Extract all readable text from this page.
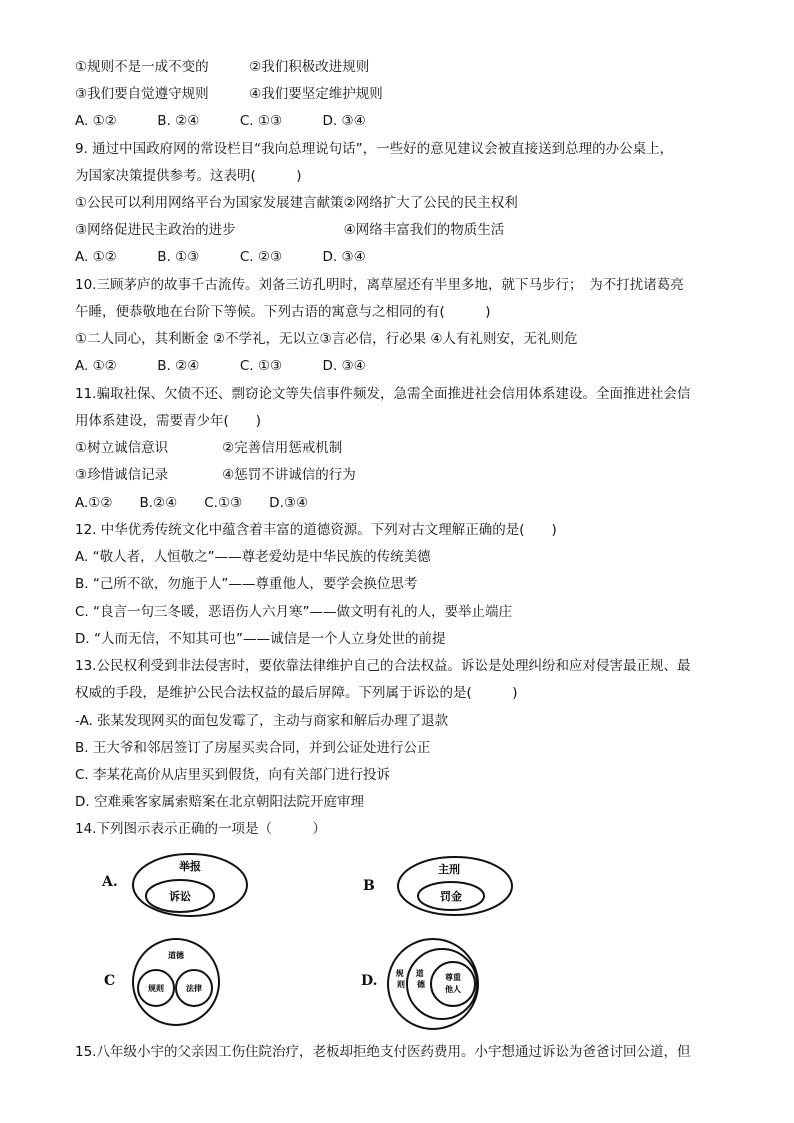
①规则不是一成不变的　　　②我们积极改进规则
③我们要自觉遵守规则　　　④我们要坚定维护规则
A. ①②　　　B. ②④　　　C. ①③　　　D. ③④
9. 通过中国政府网的常设栏目“我向总理说句话”，一些好的意见建议会被直接送到总理的办公桌上，
为国家决策提供参考。这表明(　　　)
①公民可以利用网络平台为国家发展建言献策②网络扩大了公民的民主权利
③网络促进民主政治的进步　　　　　　　　④网络丰富我们的物质生活
A. ①②　　　B. ①③　　　C. ②③　　　D. ③④
10.三顾茅庐的故事千古流传。刘备三访孔明时，离草屋还有半里多地，就下马步行；　为不打扰诸葛亮
午睡，便恭敬地在台阶下等候。下列古语的寓意与之相同的有(　　　)
①二人同心，其利断金 ②不学礼，无以立③言必信，行必果 ④人有礼则安，无礼则危
A. ①②　　　B. ②④　　　C. ①③　　　D. ③④
11.骗取社保、欠债不还、剽窃论文等失信事件频发，急需全面推进社会信用体系建设。全面推进社会信
用体系建设，需要青少年(　　)
①树立诚信意识　　　　②完善信用惩戒机制
③珍惜诚信记录　　　　④惩罚不讲诚信的行为
A.①②　　B.②④　　C.①③　　D.③④
12. 中华优秀传统文化中蕴含着丰富的道德资源。下列对古文理解正确的是(　　)
A. “敬人者，人恒敬之”——尊老爱幼是中华民族的传统美德
B. “己所不欲，勿施于人”——尊重他人，要学会换位思考
C. “良言一句三冬暖，恶语伤人六月寒”——做文明有礼的人，要举止端庄
D. “人而无信，不知其可也”——诚信是一个人立身处世的前提
13.公民权利受到非法侵害时，要依靠法律维护自己的合法权益。诉讼是处理纠纷和应对侵害最正规、最
权威的手段，是维护公民合法权益的最后屏障。下列属于诉讼的是(　　　)
-A. 张某发现网买的面包发霉了，主动与商家和解后办理了退款
B. 王大爷和邻居签订了房屋买卖合同，并到公证处进行公正
C. 李某花高价从店里买到假货，向有关部门进行投诉
D. 空难乘客家属索赔案在北京朝阳法院开庭审理
14.下列图示表示正确的一项是（　　　）
A.
举报
诉讼
B
主刑
罚金
C
道德
规则	法律	D. 规 则
道 德
尊重
他人
15.八年级小宇的父亲因工伤住院治疗，老板却拒绝支付医药费用。小宇想通过诉讼为爸爸讨回公道，但
